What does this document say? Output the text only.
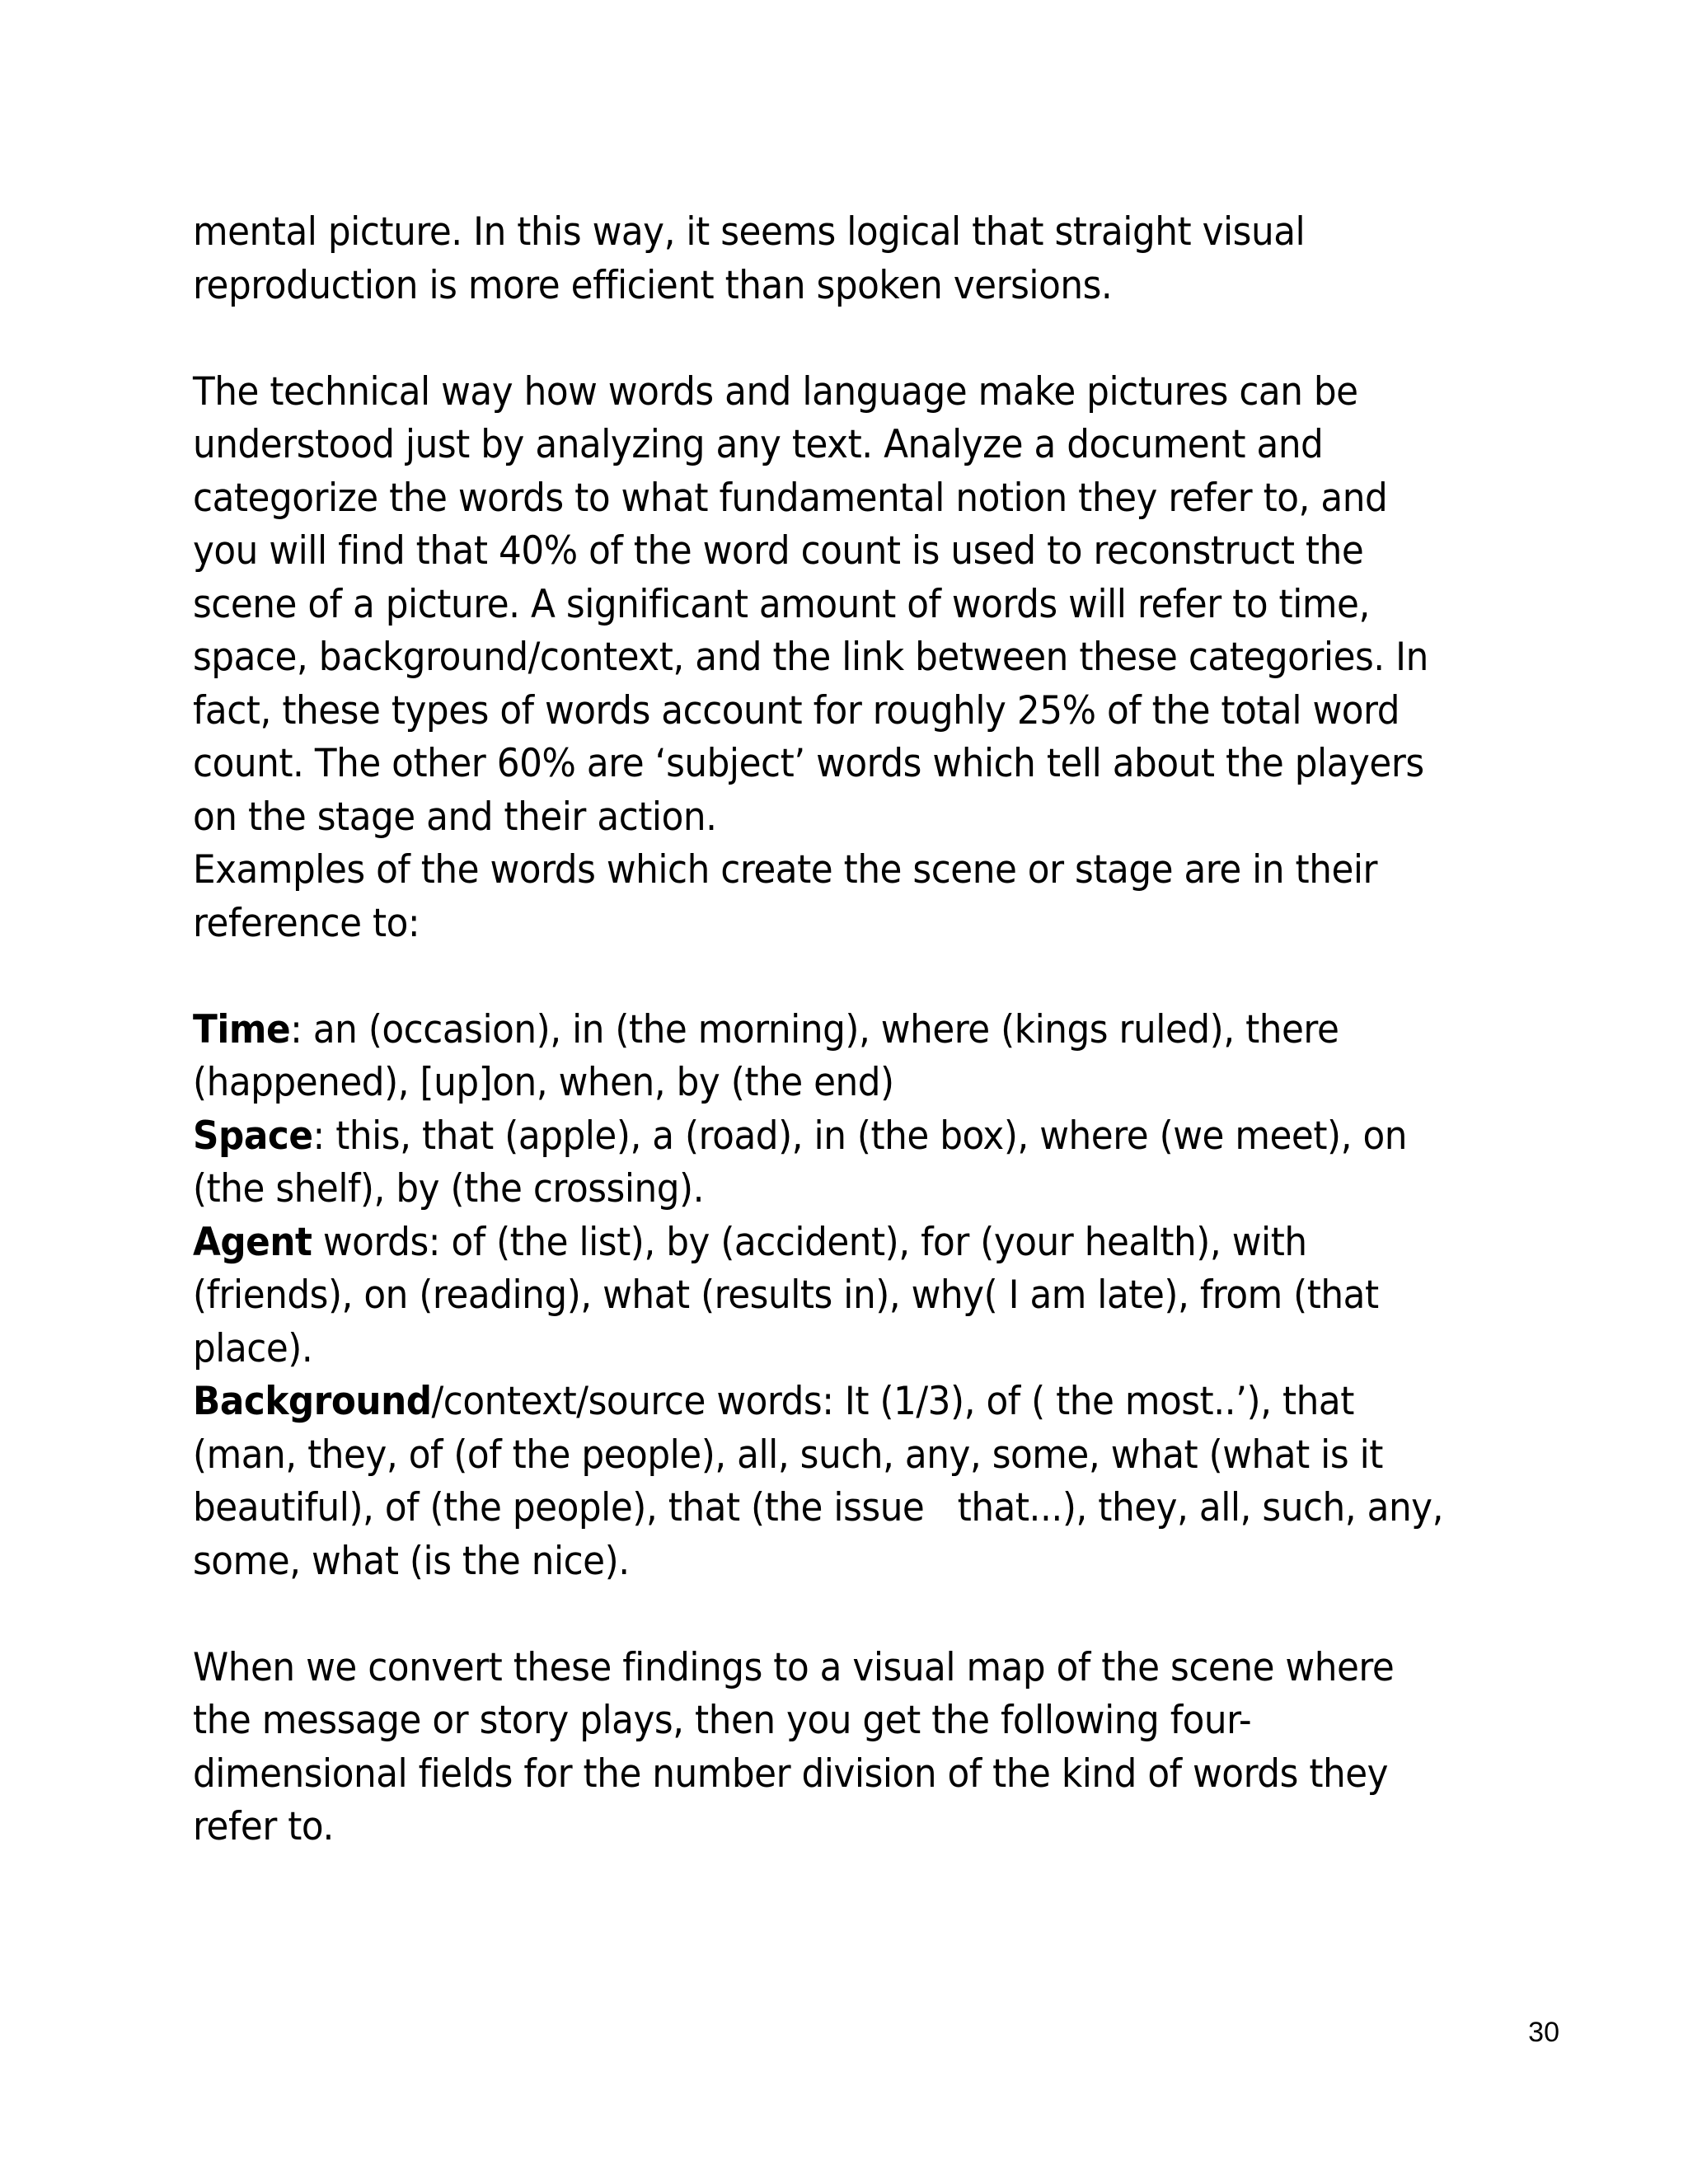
mental picture. In this way, it seems logical that straight visual reproduction is more efficient than spoken versions.

The technical way how words and language make pictures can be understood just by analyzing any text. Analyze a document and categorize the words to what fundamental notion they refer to, and you will find that 40% of the word count is used to reconstruct the scene of a picture. A significant amount of words will refer to time, space, background/context, and the link between these categories. In fact, these types of words account for roughly 25% of the total word count. The other 60% are ‘subject’ words which tell about the players on the stage and their action.

Examples of the words which create the scene or stage are in their reference to:

Time: an (occasion), in (the morning), where (kings ruled), there (happened), [up]on, when, by (the end)

Space: this, that (apple), a (road), in (the box), where (we meet), on (the shelf), by (the crossing).

Agent words: of (the list), by (accident), for (your health), with (friends), on (reading), what (results in), why( I am late), from (that place).

Background/context/source words: It (1/3), of ( the most..’), that (man, they, of (of the people), all, such, any, some, what (what is it beautiful), of (the people), that (the issue   that...), they, all, such, any, some, what (is the nice).

When we convert these findings to a visual map of the scene where the message or story plays, then you get the following four-dimensional fields for the number division of the kind of words they refer to.

30
